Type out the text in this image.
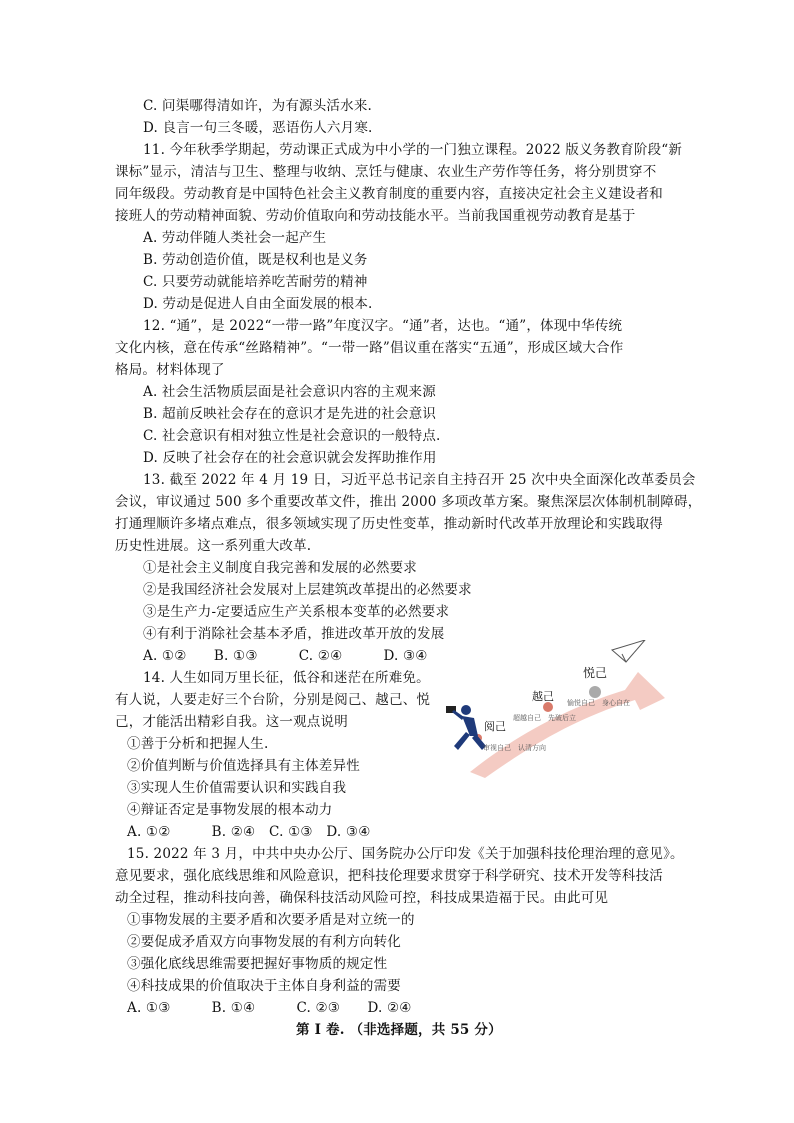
C. 问渠哪得清如许，为有源头活水来.
D. 良言一句三冬暖，恶语伤人六月寒.
11. 今年秋季学期起，劳动课正式成为中小学的一门独立课程。2022 版义务教育阶段“新
课标”显示，清洁与卫生、整理与收纳、烹饪与健康、农业生产劳作等任务，将分别贯穿不
同年级段。劳动教育是中国特色社会主义教育制度的重要内容，直接决定社会主义建设者和
接班人的劳动精神面貌、劳动价值取向和劳动技能水平。当前我国重视劳动教育是基于
A. 劳动伴随人类社会一起产生
B. 劳动创造价值，既是权利也是义务
C. 只要劳动就能培养吃苦耐劳的精神
D. 劳动是促进人自由全面发展的根本.
12. “通”，是 2022“一带一路”年度汉字。“通”者，达也。“通”，体现中华传统
文化内核，意在传承“丝路精神”。“一带一路”倡议重在落实“五通”，形成区域大合作
格局。材料体现了
A. 社会生活物质层面是社会意识内容的主观来源
B. 超前反映社会存在的意识才是先进的社会意识
C. 社会意识有相对独立性是社会意识的一般特点.
D. 反映了社会存在的社会意识就会发挥助推作用
13. 截至 2022 年 4 月 19 日，习近平总书记亲自主持召开 25 次中央全面深化改革委员会
会议，审议通过 500 多个重要改革文件，推出 2000 多项改革方案。聚焦深层次体制机制障碍，
打通理顺许多堵点难点，很多领域实现了历史性变革，推动新时代改革开放理论和实践取得
历史性进展。这一系列重大改革.
①是社会主义制度自我完善和发展的必然要求
②是我国经济社会发展对上层建筑改革提出的必然要求
③是生产力-定要适应生产关系根本变革的必然要求
④有利于消除社会基本矛盾，推进改革开放的发展
A. ①②　　B. ①③　　　C. ②④　　　D. ③④
14. 人生如同万里长征，低谷和迷茫在所难免。
有人说，人要走好三个台阶，分别是阅己、越己、悦
己，才能活出精彩自我。这一观点说明
①善于分析和把握人生.
②价值判断与价值选择具有主体差异性
③实现人生价值需要认识和实践自我
④辩证否定是事物发展的根本动力
A. ①②　　　B. ②④　C. ①③　D. ③④
15. 2022 年 3 月，中共中央办公厅、国务院办公厅印发《关于加强科技伦理治理的意见》。
意见要求，强化底线思维和风险意识，把科技伦理要求贯穿于科学研究、技术开发等科技活
动全过程，推动科技向善，确保科技活动风险可控，科技成果造福于民。由此可见
①事物发展的主要矛盾和次要矛盾是对立统一的
②要促成矛盾双方向事物发展的有利方向转化
③强化底线思维需要把握好事物质的规定性
④科技成果的价值取决于主体自身利益的需要
A. ①③　　　B. ①④　　　C. ②③　　D. ②④
第 I 卷. （非选择题，共 55 分）
悦己
越己
阅己
愉悦自己　身心自在
超越自己　先破后立
审视自己　认清方向
